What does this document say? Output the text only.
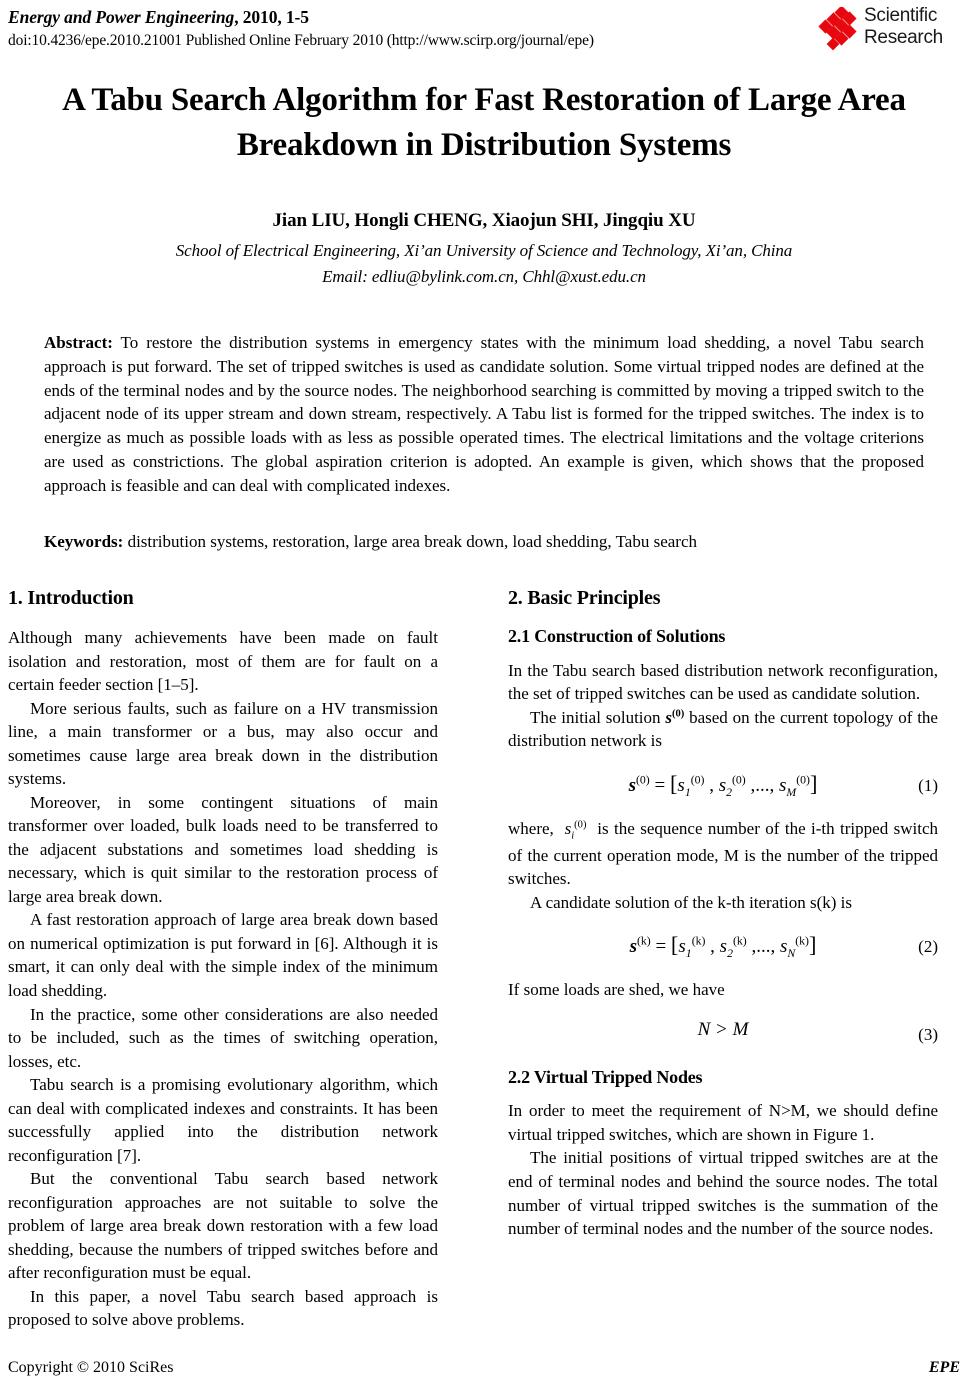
Energy and Power Engineering, 2010, 1-5
doi:10.4236/epe.2010.21001 Published Online February 2010 (http://www.scirp.org/journal/epe)
Scientific
Research
A Tabu Search Algorithm for Fast Restoration of Large Area Breakdown in Distribution Systems
Jian LIU, Hongli CHENG, Xiaojun SHI, Jingqiu XU
School of Electrical Engineering, Xi’an University of Science and Technology, Xi’an, China
Email: edliu@bylink.com.cn, Chhl@xust.edu.cn
Abstract: To restore the distribution systems in emergency states with the minimum load shedding, a novel Tabu search approach is put forward. The set of tripped switches is used as candidate solution. Some virtual tripped nodes are defined at the ends of the terminal nodes and by the source nodes. The neighborhood searching is committed by moving a tripped switch to the adjacent node of its upper stream and down stream, respectively. A Tabu list is formed for the tripped switches. The index is to energize as much as possible loads with as less as possible operated times. The electrical limitations and the voltage criterions are used as constrictions. The global aspiration criterion is adopted. An example is given, which shows that the proposed approach is feasible and can deal with complicated indexes.
Keywords: distribution systems, restoration, large area break down, load shedding, Tabu search
1. Introduction

Although many achievements have been made on fault isolation and restoration, most of them are for fault on a certain feeder section [1–5].

More serious faults, such as failure on a HV transmission line, a main transformer or a bus, may also occur and sometimes cause large area break down in the distribution systems.

Moreover, in some contingent situations of main transformer over loaded, bulk loads need to be transferred to the adjacent substations and sometimes load shedding is necessary, which is quit similar to the restoration process of large area break down.

A fast restoration approach of large area break down based on numerical optimization is put forward in [6]. Although it is smart, it can only deal with the simple index of the minimum load shedding.

In the practice, some other considerations are also needed to be included, such as the times of switching operation, losses, etc.

Tabu search is a promising evolutionary algorithm, which can deal with complicated indexes and constraints. It has been successfully applied into the distribution network reconfiguration [7].

But the conventional Tabu search based network reconfiguration approaches are not suitable to solve the problem of large area break down restoration with a few load shedding, because the numbers of tripped switches before and after reconfiguration must be equal.

In this paper, a novel Tabu search based approach is proposed to solve above problems.

2. Basic Principles
2.1 Construction of Solutions

In the Tabu search based distribution network reconfiguration, the set of tripped switches can be used as candidate solution.

The initial solution $s^{(0)}$ based on the current topology of the distribution network is

$s^{(0)} = [s_1^{(0)}$ , $s_2^{(0)}$ ,..., $s_M^{(0)}$]	(1)

where,  $s_i^{(0)}$  is the sequence number of the i-th tripped switch of the current operation mode, M is the number of the tripped switches.

A candidate solution of the k-th iteration s(k) is

$s^{(k)} = [s_1^{(k)}$ , $s_2^{(k)}$ ,..., $s_N^{(k)}$]	(2)

If some loads are shed, we have

N > M	(3)
2.2 Virtual Tripped Nodes

In order to meet the requirement of N>M, we should define virtual tripped switches, which are shown in Figure 1.

The initial positions of virtual tripped switches are at the end of terminal nodes and behind the source nodes. The total number of virtual tripped switches is the summation of the number of terminal nodes and the number of the source nodes.

Copyright © 2010 SciRes	EPE
